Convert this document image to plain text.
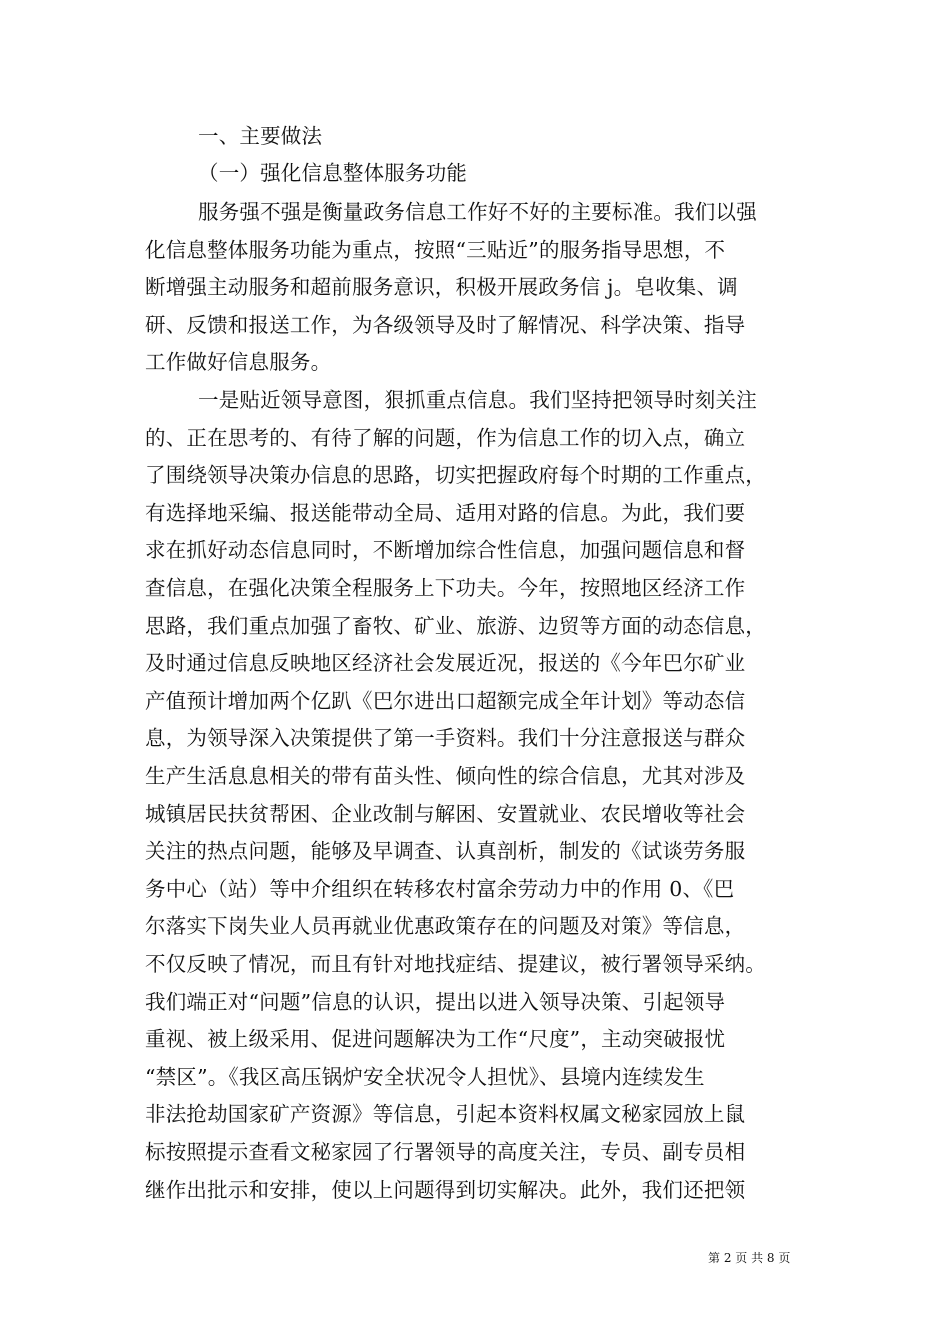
一、主要做法
（一）强化信息整体服务功能
服务强不强是衡量政务信息工作好不好的主要标准。我们以强
化信息整体服务功能为重点，按照“三贴近”的服务指导思想，不
断增强主动服务和超前服务意识，积极开展政务信 j。皂收集、调
研、反馈和报送工作，为各级领导及时了解情况、科学决策、指导
工作做好信息服务。
一是贴近领导意图，狠抓重点信息。我们坚持把领导时刻关注
的、正在思考的、有待了解的问题，作为信息工作的切入点，确立
了围绕领导决策办信息的思路，切实把握政府每个时期的工作重点，
有选择地采编、报送能带动全局、适用对路的信息。为此，我们要
求在抓好动态信息同时，不断增加综合性信息，加强问题信息和督
查信息，在强化决策全程服务上下功夫。今年，按照地区经济工作
思路，我们重点加强了畜牧、矿业、旅游、边贸等方面的动态信息，
及时通过信息反映地区经济社会发展近况，报送的《今年巴尔矿业
产值预计增加两个亿趴《巴尔进出口超额完成全年计划》等动态信
息，为领导深入决策提供了第一手资料。我们十分注意报送与群众
生产生活息息相关的带有苗头性、倾向性的综合信息，尤其对涉及
城镇居民扶贫帮困、企业改制与解困、安置就业、农民增收等社会
关注的热点问题，能够及早调查、认真剖析，制发的《试谈劳务服
务中心（站）等中介组织在转移农村富余劳动力中的作用 0、《巴
尔落实下岗失业人员再就业优惠政策存在的问题及对策》等信息，
不仅反映了情况，而且有针对地找症结、提建议，被行署领导采纳。
我们端正对“问题”信息的认识，提出以进入领导决策、引起领导
重视、被上级采用、促进问题解决为工作“尺度”，主动突破报忧
“禁区”。《我区高压锅炉安全状况令人担忧》、县境内连续发生
非法抢劫国家矿产资源》等信息，引起本资料权属文秘家园放上鼠
标按照提示查看文秘家园了行署领导的高度关注，专员、副专员相
继作出批示和安排，使以上问题得到切实解决。此外，我们还把领
第 2 页 共 8 页
